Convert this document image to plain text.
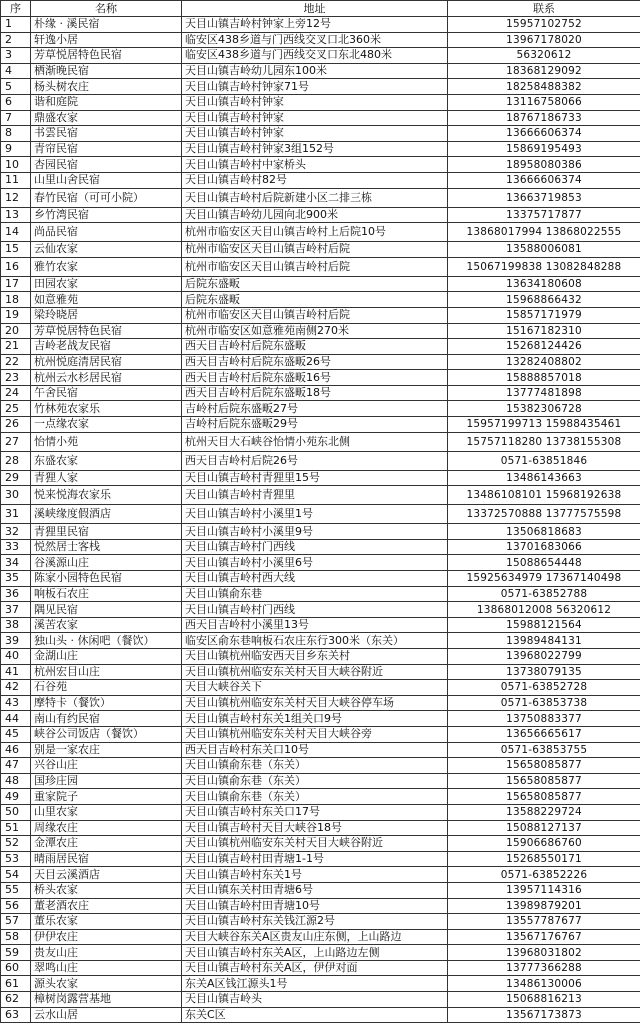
序	名称	地址	联系
1	朴缘 · 溪民宿	天目山镇吉岭村钟家上旁12号	15957102752
2	轩逸小居	临安区438乡道与门西线交叉口北360米	13967178020
3	芳草悦居特色民宿	临安区438乡道与门西线交叉口东北480米	56320612
4	栖渐晚民宿	天目山镇吉岭幼儿园东100米	18368129092
5	杨头树农庄	天目山镇吉岭村钟家71号	18258488382
6	谐和庭院	天目山镇吉岭村钟家	13116758066
7	鼎盛农家	天目山镇吉岭村钟家	18767186733
8	书雲民宿	天目山镇吉岭村钟家	13666606374
9	青帘民宿	天目山镇吉岭村钟家3组152号	15869195493
10	杏园民宿	天目山镇吉岭村中家桥头	18958080386
11	山里山舍民宿	天目山镇吉岭村82号	13666606374
12	春竹民宿（可可小院）	天目山镇吉岭村后院新建小区二排三栋	13663719853
13	乡竹湾民宿	天目山镇吉岭幼儿园向北900米	13375717877
14	尚品民宿	杭州市临安区天目山镇吉岭村上后院10号	13868017994 13868022555
15	云仙农家	杭州市临安区天目山镇吉岭村后院	13588006081
16	雅竹农家	杭州市临安区天目山镇吉岭村后院	15067199838 13082848288
17	田园农家	后院东盛畈	13634180608
18	如意雅苑	后院东盛畈	15968866432
19	梁玲晓居	杭州市临安区天目山镇吉岭村后院	15857171979
20	芳草悦居特色民宿	杭州市临安区如意雅苑南侧270米	15167182310
21	吉岭老战友民宿	西天目吉岭村后院东盛畈	15268124426
22	杭州悦庭清居民宿	西天目吉岭村后院东盛畈26号	13282408802
23	杭州云水杉居民宿	西天目吉岭村后院东盛畈16号	15888857018
24	午舍民宿	西天目吉岭村后院东盛畈18号	13777481898
25	竹林苑农家乐	吉岭村后院东盛畈27号	15382306728
26	一点缘农家	吉岭村后院东盛畈29号	15957199713 15988435461
27	怡情小苑	杭州天目大石峡谷怡情小苑东北侧	15757118280 13738155308
28	东盛农家	西天目吉岭村后院26号	0571-63851846
29	青狸人家	天目山镇吉岭村青狸里15号	13486143663
30	悦来悦海农家乐	天目山镇吉岭村青狸里	13486108101 15968192638
31	溪峡缘度假酒店	天目山镇吉岭村小溪里1号	13372570888 13777575598
32	青狸里民宿	天目山镇吉岭村小溪里9号	13506818683
33	悦然居士客栈	天目山镇吉岭村门西线	13701683066
34	谷溪源山庄	天目山镇吉岭村小溪里6号	15088654448
35	陈家小园特色民宿	天目山镇吉岭村西大线	15925634979 17367140498
36	响板石农庄	天目山镇俞东巷	0571-63852788
37	隅见民宿	天目山镇吉岭村门西线	13868012008 56320612
38	溪苦农家	西天目吉岭村小溪里13号	15988121564
39	独山头 · 休闲吧（餐饮）	临安区俞东巷响板石农庄东行300米（东关）	13989484131
40	金湖山庄	天目山镇杭州临安西天目乡东关村	13968022799
41	杭州宏目山庄	天目山镇杭州临安东关村天目大峡谷附近	13738079135
42	石谷苑	天目大峡谷关下	0571-63852728
43	摩特卡（餐饮）	天目山镇杭州临安东关村天目大峡谷停车场	0571-63853738
44	南山有约民宿	天目山镇吉岭村东关1组关口9号	13750883377
45	峡谷公司饭店（餐饮）	天目山镇杭州临安东关村天目大峡谷旁	13656665617
46	别是一家农庄	西天目吉岭村东关口10号	0571-63853755
47	兴谷山庄	天目山镇俞东巷（东关）	15658085877
48	国珍庄园	天目山镇俞东巷（东关）	15658085877
49	重家院子	天目山镇俞东巷（东关）	15658085877
50	山里农家	天目山镇吉岭村东关口17号	13588229724
51	周缘农庄	天目山镇吉岭村天目大峡谷18号	15088127137
52	金潭农庄	天目山镇杭州临安东关村天目大峡谷附近	15906686760
53	晴雨居民宿	天目山镇吉岭村田青塘1-1号	15268550171
54	天目云溪酒店	天目山镇吉岭村东关1号	0571-63852226
55	桥头农家	天目山镇东关村田青塘6号	13957114316
56	董老酒农庄	天目山镇吉岭村田青塘10号	13989879201
57	董乐农家	天目山镇吉岭村东关钱江源2号	13557787677
58	伊伊农庄	天目大峡谷东关A区贵友山庄东侧，上山路边	13567176767
59	贵友山庄	天目山镇吉岭村东关A区，上山路边左侧	13968031802
60	翠鸣山庄	天目山镇吉岭村东关A区，伊伊对面	13777366288
61	源头农家	东关A区钱江源头1号	13486130006
62	樟树岗露营基地	天目山镇吉岭头	15068816213
63	云水山居	东关C区	13567173873
